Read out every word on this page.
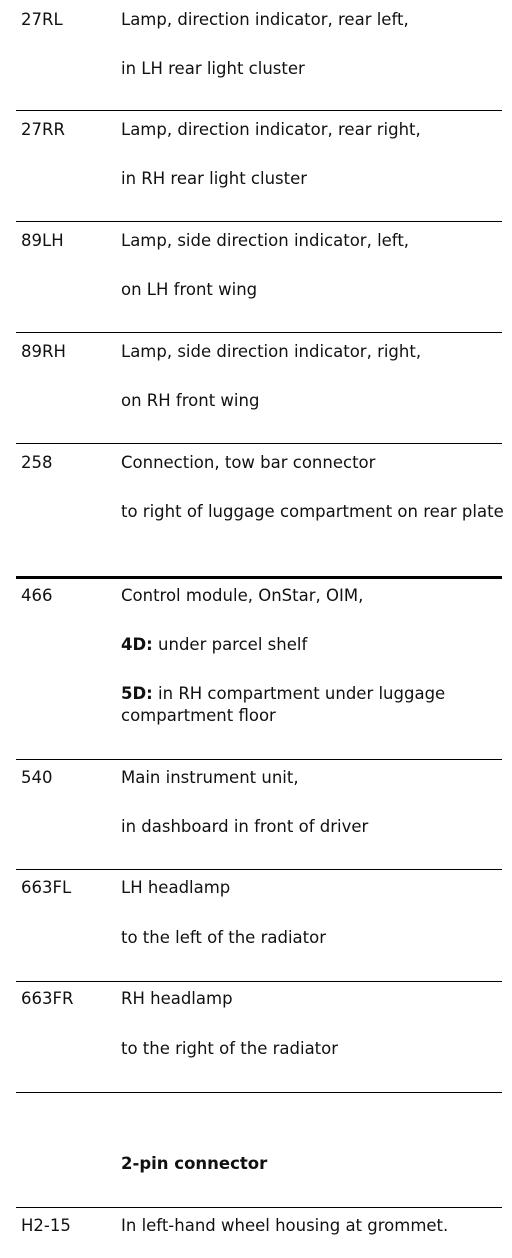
27RL	Lamp, direction indicator, rear left,
in LH rear light cluster
27RR	Lamp, direction indicator, rear right,
in RH rear light cluster
89LH	Lamp, side direction indicator, left,
on LH front wing
89RH	Lamp, side direction indicator, right,
on RH front wing
258	Connection, tow bar connector
to right of luggage compartment on rear plate
466	Control module, OnStar, OIM,
4D: under parcel shelf
5D: in RH compartment under luggage compartment floor
540	Main instrument unit,
in dashboard in front of driver
663FL	LH headlamp
to the left of the radiator
663FR	RH headlamp
to the right of the radiator
2-pin connector
H2-15	In left-hand wheel housing at grommet.
